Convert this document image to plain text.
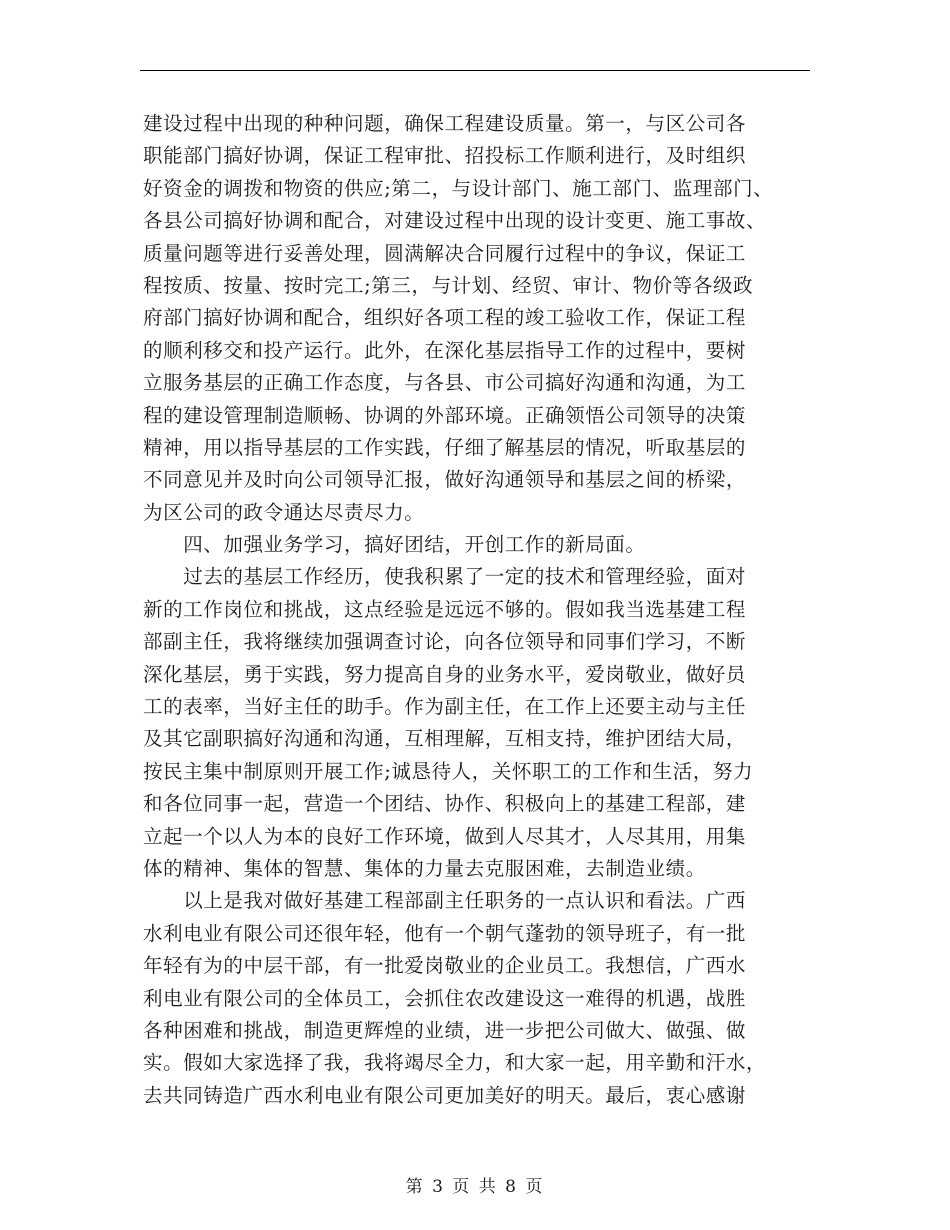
建设过程中出现的种种问题，确保工程建设质量。第一，与区公司各
职能部门搞好协调，保证工程审批、招投标工作顺利进行，及时组织
好资金的调拨和物资的供应;第二，与设计部门、施工部门、监理部门、
各县公司搞好协调和配合，对建设过程中出现的设计变更、施工事故、
质量问题等进行妥善处理，圆满解决合同履行过程中的争议，保证工
程按质、按量、按时完工;第三，与计划、经贸、审计、物价等各级政
府部门搞好协调和配合，组织好各项工程的竣工验收工作，保证工程
的顺利移交和投产运行。此外，在深化基层指导工作的过程中，要树
立服务基层的正确工作态度，与各县、市公司搞好沟通和沟通，为工
程的建设管理制造顺畅、协调的外部环境。正确领悟公司领导的决策
精神，用以指导基层的工作实践，仔细了解基层的情况，听取基层的
不同意见并及时向公司领导汇报，做好沟通领导和基层之间的桥梁，
为区公司的政令通达尽责尽力。
　　四、加强业务学习，搞好团结，开创工作的新局面。
　　过去的基层工作经历，使我积累了一定的技术和管理经验，面对
新的工作岗位和挑战，这点经验是远远不够的。假如我当选基建工程
部副主任，我将继续加强调查讨论，向各位领导和同事们学习，不断
深化基层，勇于实践，努力提高自身的业务水平，爱岗敬业，做好员
工的表率，当好主任的助手。作为副主任，在工作上还要主动与主任
及其它副职搞好沟通和沟通，互相理解，互相支持，维护团结大局，
按民主集中制原则开展工作;诚恳待人，关怀职工的工作和生活，努力
和各位同事一起，营造一个团结、协作、积极向上的基建工程部，建
立起一个以人为本的良好工作环境，做到人尽其才，人尽其用，用集
体的精神、集体的智慧、集体的力量去克服困难，去制造业绩。
　　以上是我对做好基建工程部副主任职务的一点认识和看法。广西
水利电业有限公司还很年轻，他有一个朝气蓬勃的领导班子，有一批
年轻有为的中层干部，有一批爱岗敬业的企业员工。我想信，广西水
利电业有限公司的全体员工，会抓住农改建设这一难得的机遇，战胜
各种困难和挑战，制造更辉煌的业绩，进一步把公司做大、做强、做
实。假如大家选择了我，我将竭尽全力，和大家一起，用辛勤和汗水，
去共同铸造广西水利电业有限公司更加美好的明天。最后，衷心感谢
第 3 页 共 8 页
